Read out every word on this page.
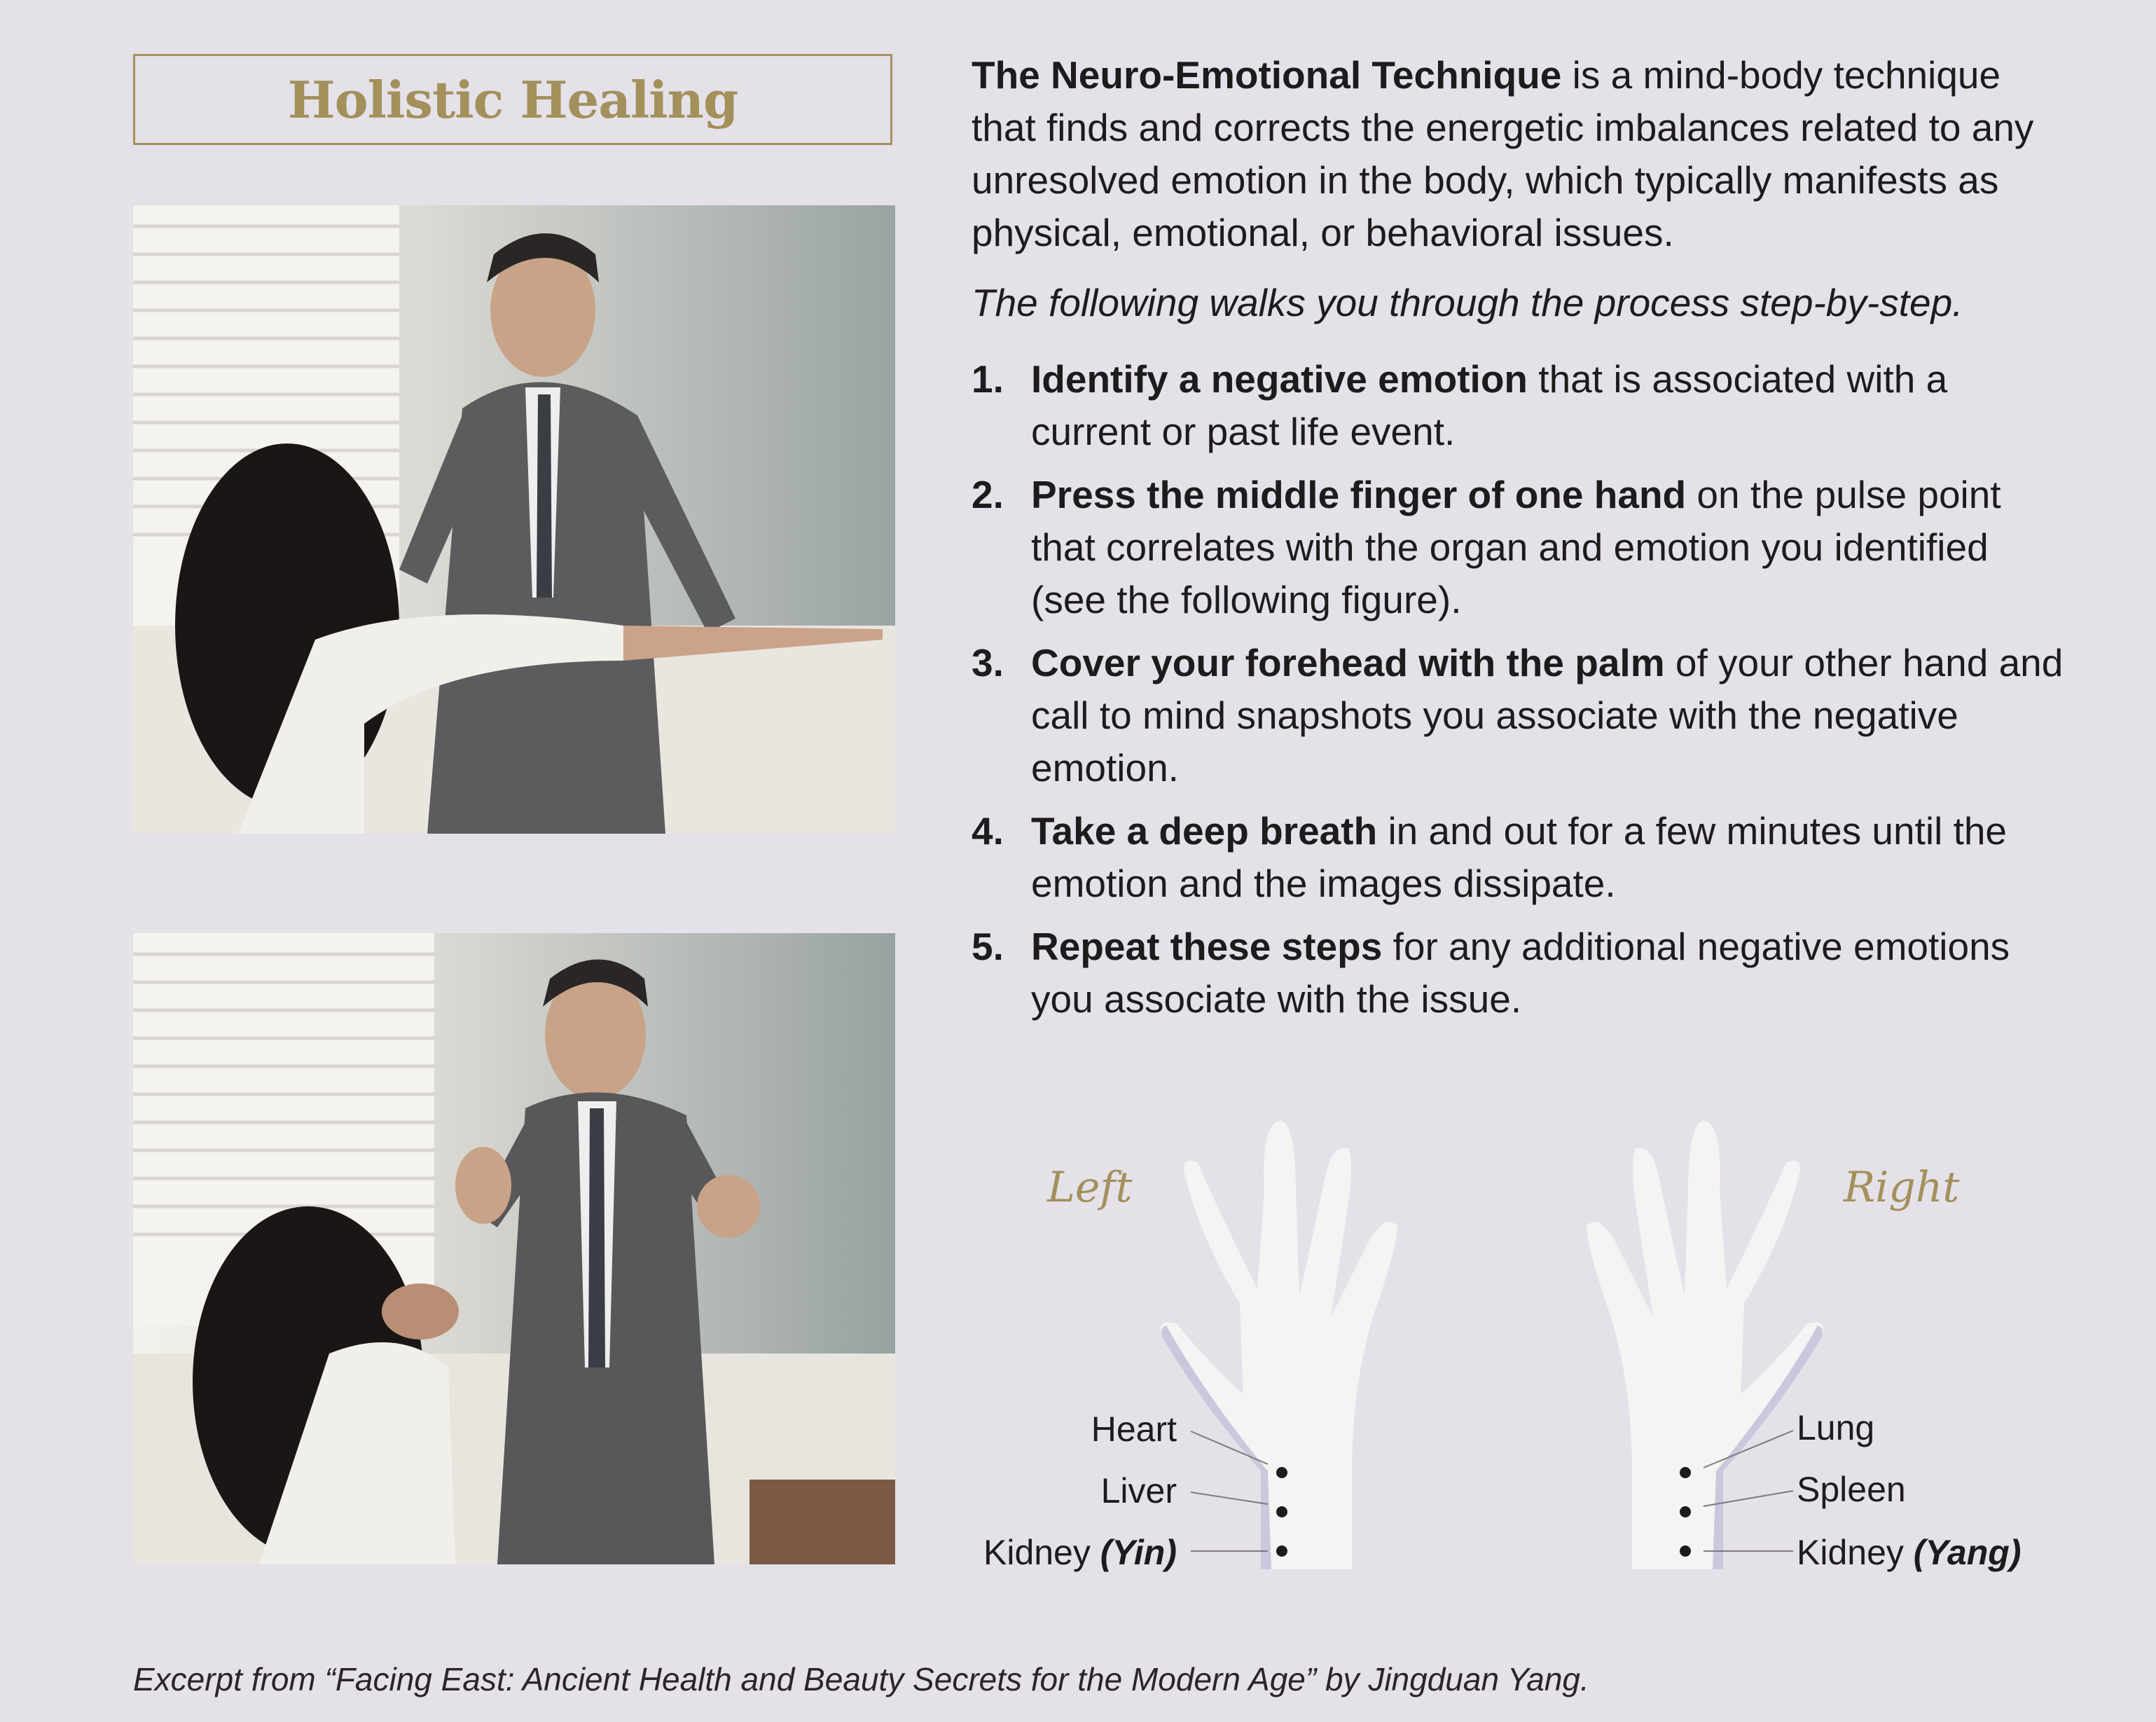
Holistic Healing	The Neuro-Emotional Technique is a mind-body technique that finds and corrects the energetic imbalances related to any unresolved emotion in the body, which typically manifests as physical, emotional, or behavioral issues.

The following walks you through the process step-by-step.

1. Identify a negative emotion that is associated with a current or past life event.
2. Press the middle finger of one hand on the pulse point that correlates with the organ and emotion you identified (see the following figure).
3. Cover your forehead with the palm of your other hand and call to mind snapshots you associate with the negative emotion.
4. Take a deep breath in and out for a few minutes until the emotion and the images dissipate.
5. Repeat these steps for any additional negative emotions you associate with the issue.
Left	Right
Heart
Liver
Kidney (Yin)
Lung
Spleen
Kidney (Yang)
Excerpt from “Facing East: Ancient Health and Beauty Secrets for the Modern Age” by Jingduan Yang.
